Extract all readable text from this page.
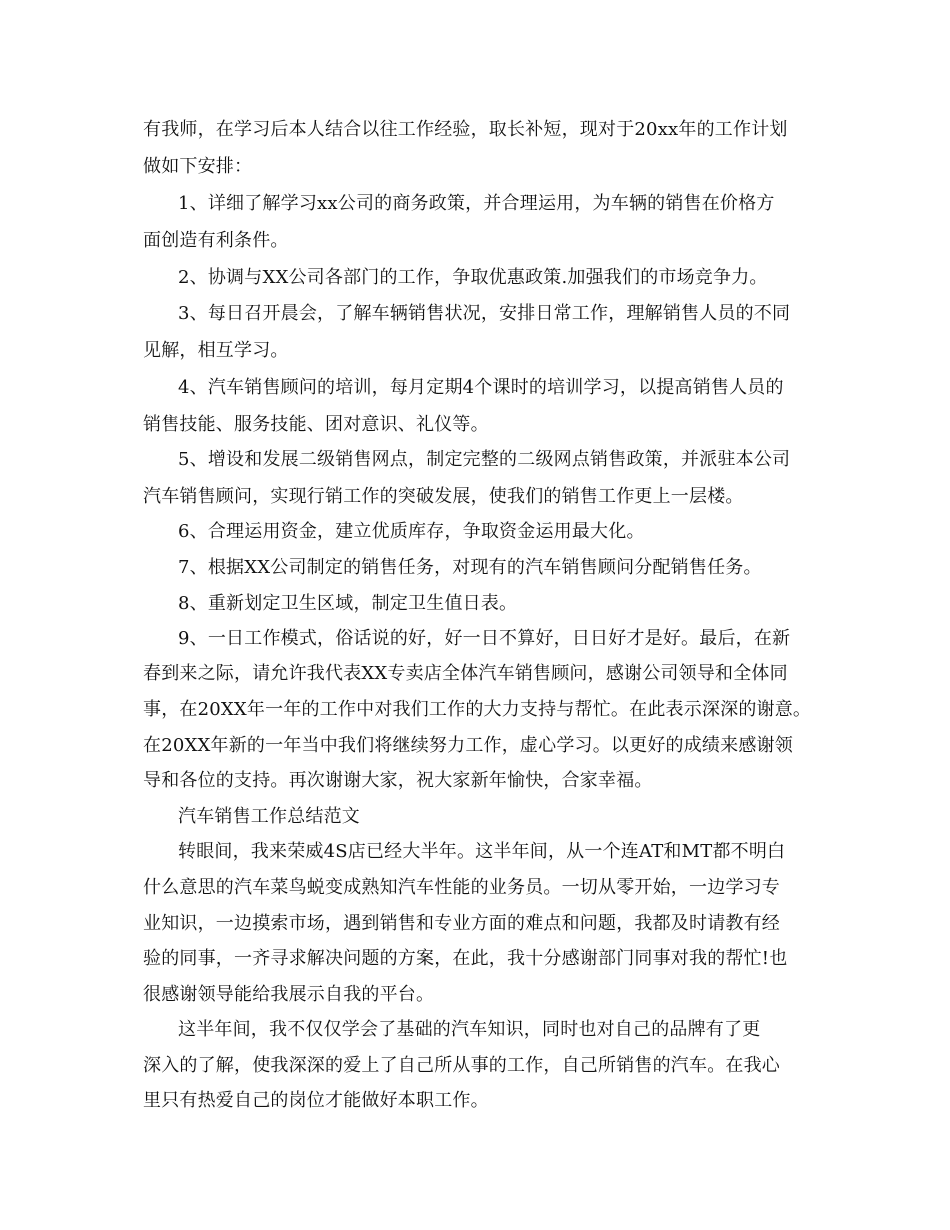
有我师，在学习后本人结合以往工作经验，取长补短，现对于20xx年的工作计划
做如下安排：
1、详细了解学习xx公司的商务政策，并合理运用，为车辆的销售在价格方
面创造有利条件。
2、协调与XX公司各部门的工作，争取优惠政策.加强我们的市场竞争力。
3、每日召开晨会，了解车辆销售状况，安排日常工作，理解销售人员的不同
见解，相互学习。
4、汽车销售顾问的培训，每月定期4个课时的培训学习，以提高销售人员的
销售技能、服务技能、团对意识、礼仪等。
5、增设和发展二级销售网点，制定完整的二级网点销售政策，并派驻本公司
汽车销售顾问，实现行销工作的突破发展，使我们的销售工作更上一层楼。
6、合理运用资金，建立优质库存，争取资金运用最大化。
7、根据XX公司制定的销售任务，对现有的汽车销售顾问分配销售任务。
8、重新划定卫生区域，制定卫生值日表。
9、一日工作模式，俗话说的好，好一日不算好，日日好才是好。最后，在新
春到来之际，请允许我代表XX专卖店全体汽车销售顾问，感谢公司领导和全体同
事，在20XX年一年的工作中对我们工作的大力支持与帮忙。在此表示深深的谢意。
在20XX年新的一年当中我们将继续努力工作，虚心学习。以更好的成绩来感谢领
导和各位的支持。再次谢谢大家，祝大家新年愉快，合家幸福。
汽车销售工作总结范文
转眼间，我来荣威4S店已经大半年。这半年间，从一个连AT和MT都不明白
什么意思的汽车菜鸟蜕变成熟知汽车性能的业务员。一切从零开始，一边学习专
业知识，一边摸索市场，遇到销售和专业方面的难点和问题，我都及时请教有经
验的同事，一齐寻求解决问题的方案，在此，我十分感谢部门同事对我的帮忙!也
很感谢领导能给我展示自我的平台。
这半年间，我不仅仅学会了基础的汽车知识，同时也对自己的品牌有了更
深入的了解，使我深深的爱上了自己所从事的工作，自己所销售的汽车。在我心
里只有热爱自己的岗位才能做好本职工作。
